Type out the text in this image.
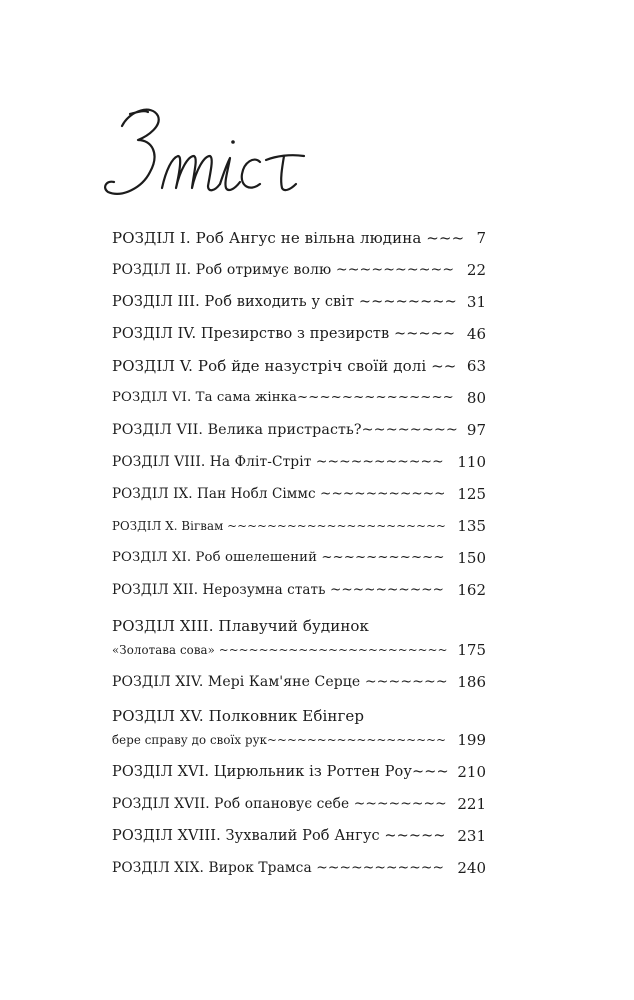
РОЗДІЛ I. Роб Ангус не вільна людина ~~~ 7
РОЗДІЛ II. Роб отримує волю ~~~~~~~~~~ 22
РОЗДІЛ III. Роб виходить у світ ~~~~~~~~ 31
РОЗДІЛ IV. Презирство з презирств ~~~~~ 46
РОЗДІЛ V. Роб йде назустріч своїй долі ~~ 63
РОЗДІЛ VI. Та сама жінка~~~~~~~~~~~~~~ 80
РОЗДІЛ VII. Велика пристрасть?~~~~~~~~ 97
РОЗДІЛ VIII. На Фліт-Стріт ~~~~~~~~~~~ 110
РОЗДІЛ IX. Пан Нобл Сіммс ~~~~~~~~~~~ 125
РОЗДІЛ X. Вігвам ~~~~~~~~~~~~~~~~~~~~~~ 135
РОЗДІЛ XI. Роб ошелешений ~~~~~~~~~~~ 150
РОЗДІЛ XII. Нерозумна стать ~~~~~~~~~~ 162
РОЗДІЛ XIII. Плавучий будинок
«Золотава сова» ~~~~~~~~~~~~~~~~~~~~~~~ 175
РОЗДІЛ XIV. Мері Кам'яне Серце ~~~~~~~ 186
РОЗДІЛ XV. Полковник Ебінгер
бере справу до своїх рук~~~~~~~~~~~~~~~~~~ 199
РОЗДІЛ XVI. Цирюльник із Роттен Роу~~~ 210
РОЗДІЛ XVII. Роб опановує себе ~~~~~~~~ 221
РОЗДІЛ XVIII. Зухвалий Роб Ангус ~~~~~ 231
РОЗДІЛ XIX. Вирок Трамса ~~~~~~~~~~~ 240
